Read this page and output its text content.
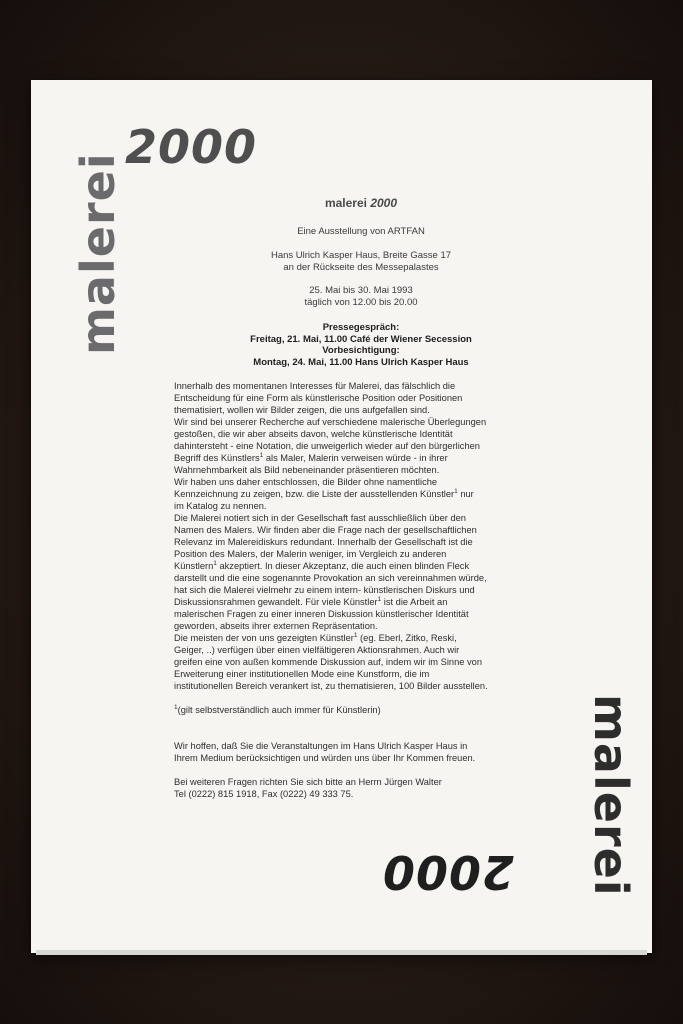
2000
malerei
malerei
2000
malerei 2000
Eine Ausstellung von ARTFAN
Hans Ulrich Kasper Haus, Breite Gasse 17
an der Rückseite des Messepalastes
25. Mai bis 30. Mai 1993
täglich von 12.00 bis 20.00
Pressegespräch:
Freitag, 21. Mai, 11.00 Café der Wiener Secession
Vorbesichtigung:
Montag, 24. Mai, 11.00 Hans Ulrich Kasper Haus

Innerhalb des momentanen Interesses für Malerei, das fälschlich die

Entscheidung für eine Form als künstlerische Position oder Positionen

thematisiert, wollen wir Bilder zeigen, die uns aufgefallen sind.

Wir sind bei unserer Recherche auf verschiedene malerische Überlegungen

gestoßen, die wir aber abseits davon, welche künstlerische Identität

dahintersteht - eine Notation, die unweigerlich wieder auf den bürgerlichen

Begriff des Künstlers$^1$ als Maler, Malerin verweisen würde - in ihrer

Wahrnehmbarkeit als Bild nebeneinander präsentieren möchten.

Wir haben uns daher entschlossen, die Bilder ohne namentliche

Kennzeichnung zu zeigen, bzw. die Liste der ausstellenden Künstler$^1$ nur

im Katalog zu nennen.

Die Malerei notiert sich in der Gesellschaft fast ausschließlich über den

Namen des Malers. Wir finden aber die Frage nach der gesellschaftlichen

Relevanz im Malereidiskurs redundant. Innerhalb der Gesellschaft ist die

Position des Malers, der Malerin weniger, im Vergleich zu anderen

Künstlern$^1$ akzeptiert. In dieser Akzeptanz, die auch einen blinden Fleck

darstellt und die eine sogenannte Provokation an sich vereinnahmen würde,

hat sich die Malerei vielmehr zu einem intern- künstlerischen Diskurs und

Diskussionsrahmen gewandelt. Für viele Künstler$^1$ ist die Arbeit an

malerischen Fragen zu einer inneren Diskussion künstlerischer Identität

geworden, abseits ihrer externen Repräsentation.

Die meisten der von uns gezeigten Künstler$^1$ (eg. Eberl, Zitko, Reski,

Geiger, ..) verfügen über einen vielfältigeren Aktionsrahmen. Auch wir

greifen eine von außen kommende Diskussion auf, indem wir im Sinne von

Erweiterung einer institutionellen Mode eine Kunstform, die im

institutionellen Bereich verankert ist, zu thematisieren, 100 Bilder ausstellen.

$^1$(gilt selbstverständlich auch immer für Künstlerin)

Wir hoffen, daß Sie die Veranstaltungen im Hans Ulrich Kasper Haus in

Ihrem Medium berücksichtigen und würden uns über Ihr Kommen freuen.

Bei weiteren Fragen richten Sie sich bitte an Herrn Jürgen Walter

Tel (0222) 815 1918, Fax (0222) 49 333 75.
